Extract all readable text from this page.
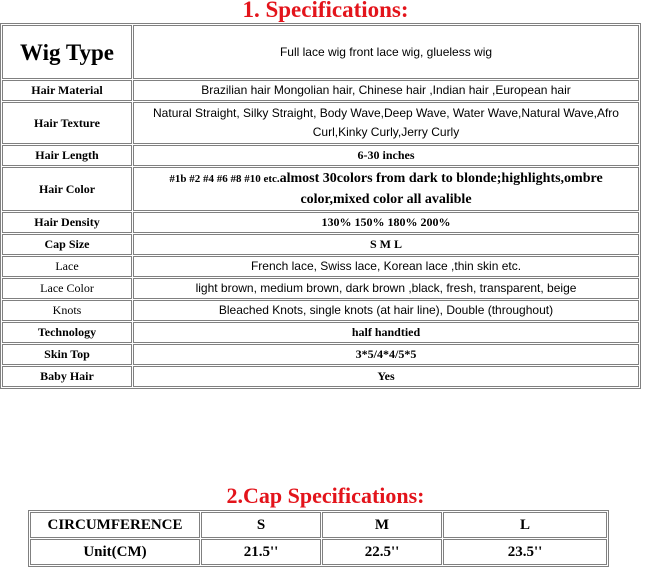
1. Specifications:
Wig Type	Full lace wig front lace wig, glueless wig
Hair Material	Brazilian hair Mongolian hair, Chinese hair ,Indian hair ,European hair
Hair Texture	Natural Straight, Silky Straight, Body Wave,Deep Wave, Water Wave,Natural Wave,Afro Curl,Kinky Curly,Jerry Curly
Hair Length	6-30 inches
Hair Color	#1b #2 #4 #6 #8 #10 etc.almost 30colors from dark to blonde;highlights,ombre color,mixed color all avalible
Hair Density	130% 150% 180% 200%
Cap Size	S M L
Lace	French lace, Swiss lace, Korean lace ,thin skin etc.
Lace Color	light brown, medium brown, dark brown ,black, fresh, transparent, beige
Knots	Bleached Knots, single knots (at hair line), Double (throughout)
Technology	half handtied
Skin Top	3*5/4*4/5*5
Baby Hair	Yes
2.Cap Specifications:
CIRCUMFERENCE	S	M	L
Unit(CM)	21.5''	22.5''	23.5''
